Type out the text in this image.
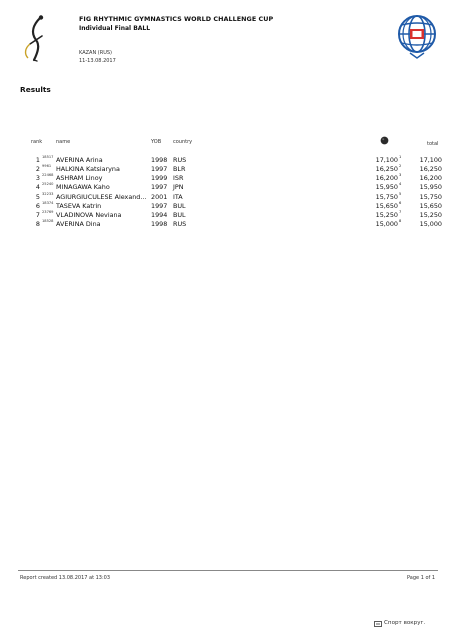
FIG RHYTHMIC GYMNASTICS WORLD CHALLENGE CUP
Individual Final BALL
KAZAN (RUS)
11-13.08.2017
Results
rank	name	YOB country	total
1 18517 AVERINA Arina	1998 RUS	17,100 1	17,100
2 9961 HALKINA Katsiaryna	1997 BLR	16,250 2	16,250
3 22468 ASHRAM Linoy	1999 ISR	16,200 3	16,200
4 25240 MINAGAWA Kaho	1997 JPN	15,950 4	15,950
5 32233 AGIURGIUCULESE Alexand... 2001 ITA	15,750 5	15,750
6 18374 TASEVA Katrin	1997 BUL	15,650 6	15,650
7 23769 VLADINOVA Neviana	1994 BUL	15,250 7	15,250
8 18528 AVERINA Dina	1998 RUS	15,000 8	15,000
Report created 13.08.2017 at 13:03	Page 1 of 1
Спорт вокруг.
